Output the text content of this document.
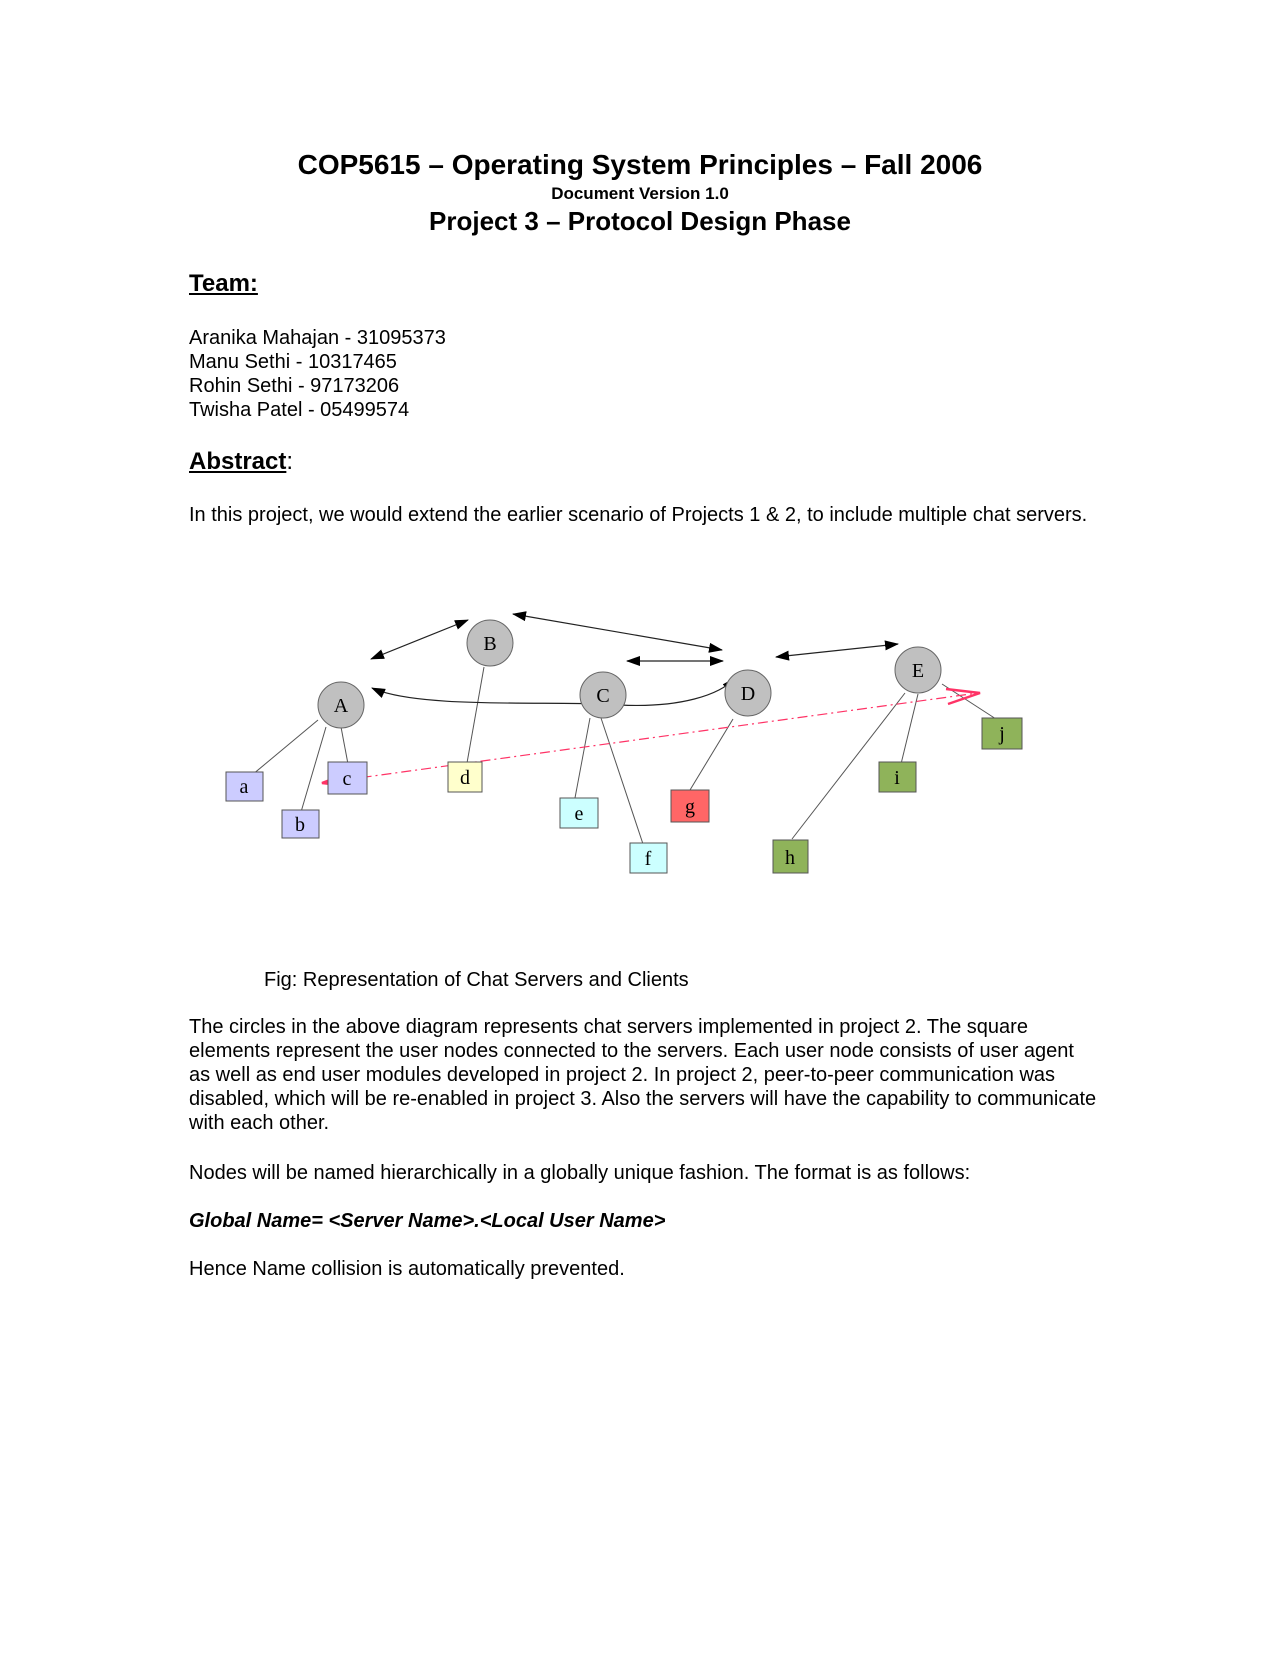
COP5615 – Operating System Principles – Fall 2006
Document Version 1.0
Project 3 – Protocol Design Phase
Team:
Aranika Mahajan - 31095373
Manu Sethi - 10317465
Rohin Sethi - 97173206
Twisha Patel - 05499574
Abstract:
In this project, we would extend the earlier scenario of Projects 1 & 2, to include multiple chat servers.
A
B
C	D
E
a
b
c	d
e
f
g
h
i
j
Fig: Representation of Chat Servers and Clients
The circles in the above diagram represents chat servers implemented in project 2. The square elements represent the user nodes connected to the servers. Each user node consists of user agent as well as end user modules developed in project 2. In project 2, peer-to-peer communication was disabled, which will be re-enabled in project 3. Also the servers will have the capability to communicate with each other.
Nodes will be named hierarchically in a globally unique fashion. The format is as follows:
Global Name= <Server Name>.<Local User Name>
Hence Name collision is automatically prevented.
